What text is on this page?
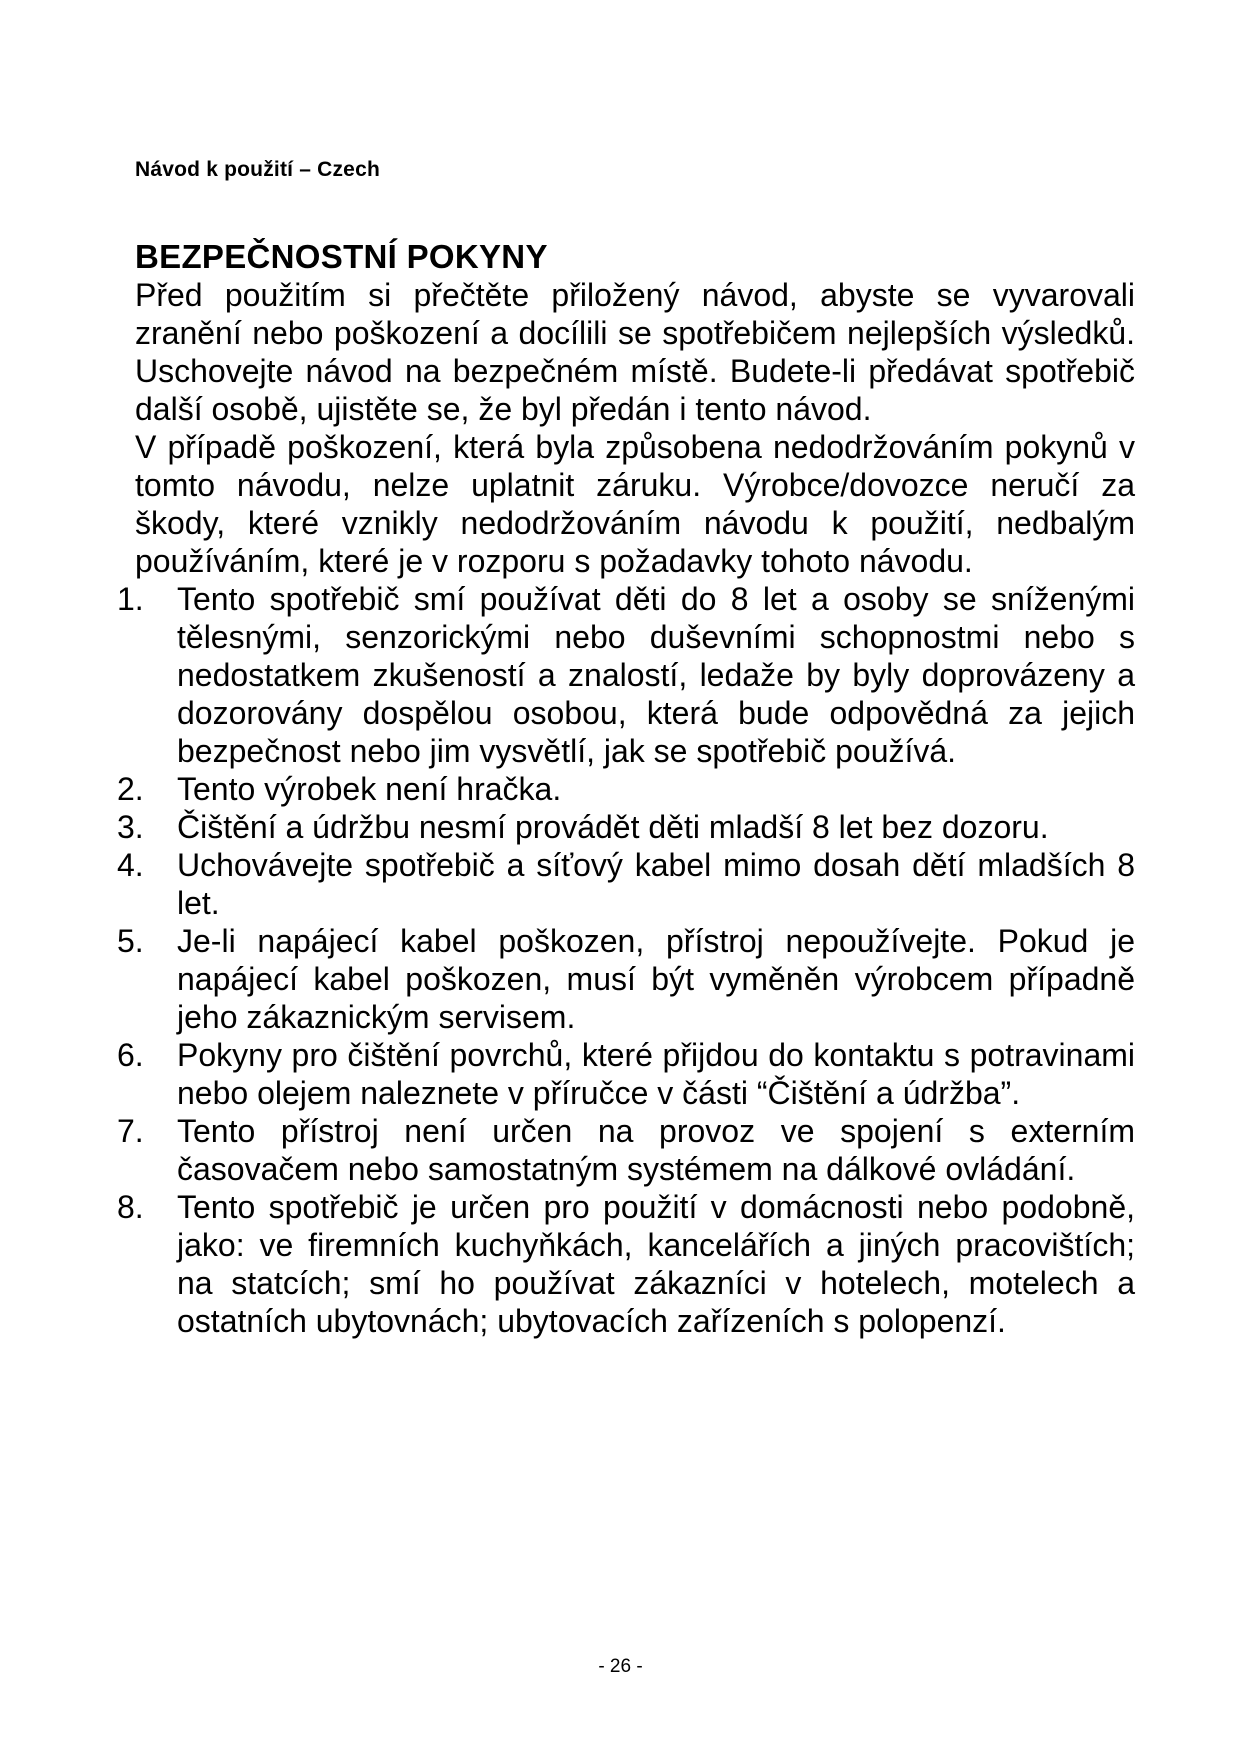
Návod k použití – Czech
BEZPEČNOSTNÍ POKYNY

Před použitím si přečtěte přiložený návod, abyste se vyvarovali zranění nebo poškození a docílili se spotřebičem nejlepších výsledků. Uschovejte návod na bezpečném místě. Budete-li předávat spotřebič další osobě, ujistěte se, že byl předán i tento návod.

V případě poškození, která byla způsobena nedodržováním pokynů v tomto návodu, nelze uplatnit záruku. Výrobce/dovozce neručí za škody, které vznikly nedodržováním návodu k použití, nedbalým používáním, které je v rozporu s požadavky tohoto návodu.

1.	Tento spotřebič smí používat děti do 8 let a osoby se sníženými tělesnými, senzorickými nebo duševními schopnostmi nebo s nedostatkem zkušeností a znalostí, ledaže by byly doprovázeny a dozorovány dospělou osobou, která bude odpovědná za jejich bezpečnost nebo jim vysvětlí, jak se spotřebič používá.
2.	Tento výrobek není hračka.
3.	Čištění a údržbu nesmí provádět děti mladší 8 let bez dozoru.
4.	Uchovávejte spotřebič a síťový kabel mimo dosah dětí mladších 8 let.
5.	Je-li napájecí kabel poškozen, přístroj nepoužívejte. Pokud je napájecí kabel poškozen, musí být vyměněn výrobcem případně jeho zákaznickým servisem.
6.	Pokyny pro čištění povrchů, které přijdou do kontaktu s potravinami nebo olejem naleznete v příručce v části “Čištění a údržba”.
7.	Tento přístroj není určen na provoz ve spojení s externím časovačem nebo samostatným systémem na dálkové ovládání.
8.	Tento spotřebič je určen pro použití v domácnosti nebo podobně, jako: ve firemních kuchyňkách, kancelářích a jiných pracovištích; na statcích; smí ho používat zákazníci v hotelech, motelech a ostatních ubytovnách; ubytovacích zařízeních s polopenzí.
- 26 -
